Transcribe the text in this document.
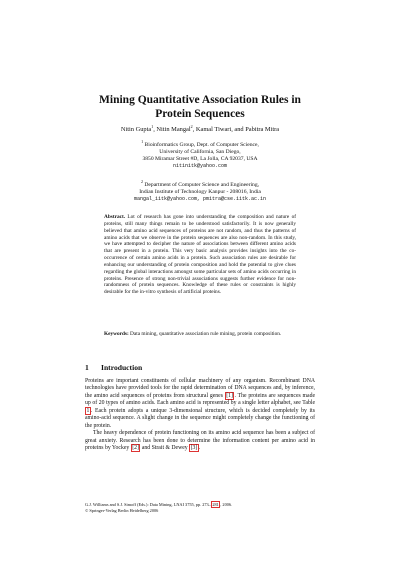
Mining Quantitative Association Rules in
Protein Sequences
Nitin Gupta$^1$, Nitin Mangal$^2$, Kamal Tiwari, and Pabitra Mitra
$^1$ Bioinformatics Group, Dept. of Computer Science,
University of California, San Diego,
3850 Miramar Street #D, La Jolla, CA 92037, USA
nitinitk@yahoo.com
$^2$ Department of Computer Science and Engineering,
Indian Institute of Technology Kanpur - 208016, India
mangal_iitk@yahoo.com, pmitra@cse.iitk.ac.in
Abstract. Lot of research has gone into understanding the composition and nature of proteins, still many things remain to be understood satisfactorily. It is now generally believed that amino acid sequences of proteins are not random, and thus the patterns of amino acids that we observe in the protein sequences are also non-random. In this study, we have attempted to decipher the nature of associations between different amino acids that are present in a protein. This very basic analysis provides insights into the co-occurrence of certain amino acids in a protein. Such association rules are desirable for enhancing our understanding of protein composition and hold the potential to give clues regarding the global interactions amongst some particular sets of amino acids occurring in proteins. Presence of strong non-trivial associations suggests further evidence for non-randomness of protein sequences. Knowledge of these rules or constraints is highly desirable for the in-vitro synthesis of artificial proteins.
Keywords: Data mining, quantitative association rule mining, protein composition.
1 Introduction

Proteins are important constituents of cellular machinery of any organism. Recombinant DNA technologies have provided tools for the rapid determination of DNA sequences and, by inference, the amino acid sequences of proteins from structural genes [1] . The proteins are sequences made up of 20 types of amino acids. Each amino acid is represented by a single letter alphabet, see Table 1 . Each protein adopts a unique 3-dimensional structure, which is decided completely by its amino-acid sequence. A slight change in the sequence might completely change the functioning of the protein.

The heavy dependence of protein functioning on its amino acid sequence has been a subject of great anxiety. Research has been done to determine the information content per amino acid in proteins by Yockey [2] and Strait & Dewey [3] .

G.J. Williams and S.J. Simoff (Eds.): Data Mining, LNAI 3755, pp. 273– 281 , 2006.
© Springer-Verlag Berlin Heidelberg 2006
